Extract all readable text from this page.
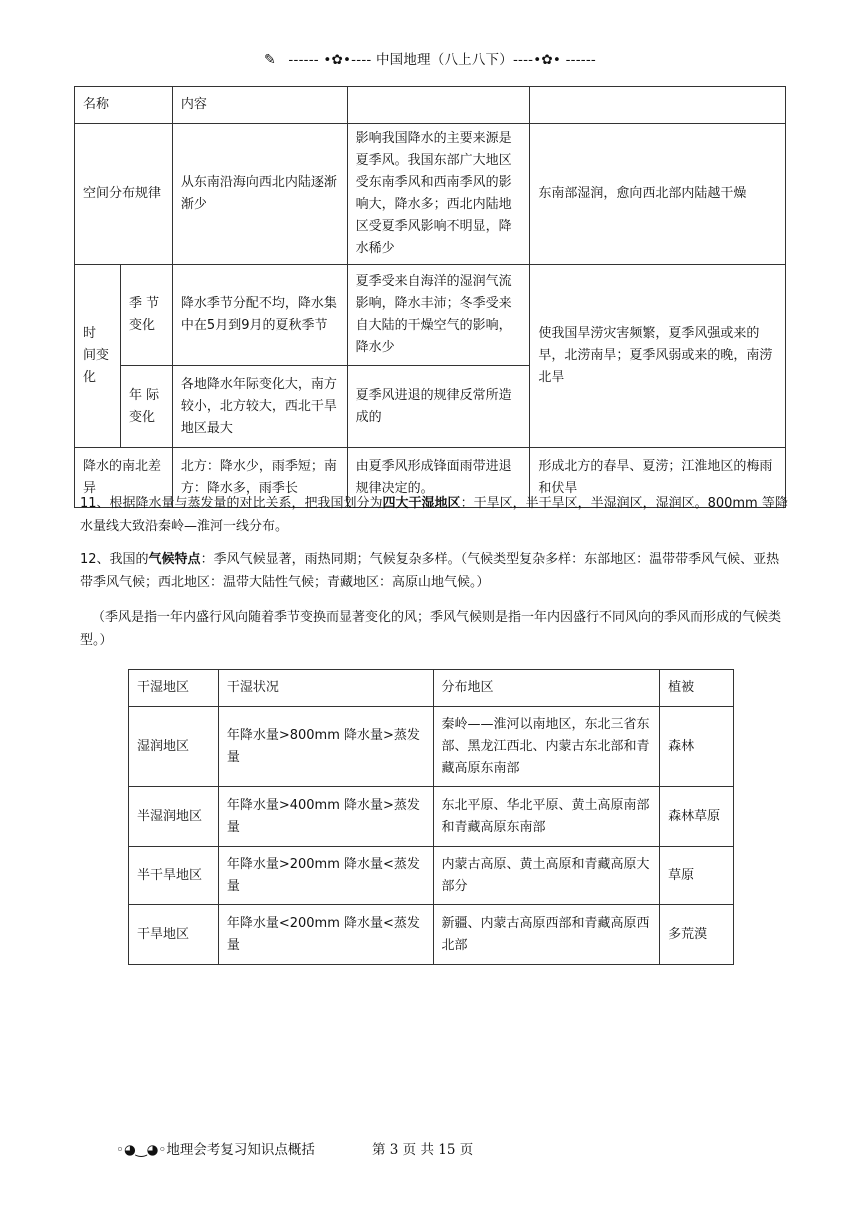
✎ ------ •✿•---- 中国地理（八上八下）----•✿• ------
名称		内容		
空间分布规律		从东南沿海向西北内陆逐渐渐少	影响我国降水的主要来源是夏季风。我国东部广大地区受东南季风和西南季风的影响大，降水多；西北内陆地区受夏季风影响不明显，降水稀少	东南部湿润，愈向西北部内陆越干燥
时 间变化	季 节变化	降水季节分配不均，降水集中在5月到9月的夏秋季节	夏季受来自海洋的湿润气流影响，降水丰沛；冬季受来自大陆的干燥空气的影响，降水少	使我国旱涝灾害频繁，夏季风强或来的早，北涝南旱；夏季风弱或来的晚，南涝北旱
	年 际变化	各地降水年际变化大，南方较小，北方较大，西北干旱地区最大	夏季风进退的规律反常所造成的	
降水的南北差异		北方：降水少，雨季短；南方：降水多，雨季长	由夏季风形成锋面雨带进退规律决定的。	形成北方的春旱、夏涝；江淮地区的梅雨和伏旱
11、根据降水量与蒸发量的对比关系，把我国划分为四大干湿地区：干旱区，半干旱区，半湿润区，湿润区。800mm 等降水量线大致沿秦岭—淮河一线分布。
12、我国的气候特点：季风气候显著，雨热同期；气候复杂多样。（气候类型复杂多样：东部地区：温带带季风气候、亚热带季风气候；西北地区：温带大陆性气候；青藏地区：高原山地气候。）
（季风是指一年内盛行风向随着季节变换而显著变化的风；季风气候则是指一年内因盛行不同风向的季风而形成的气候类型。）
干湿地区	干湿状况	分布地区	植被
湿润地区	年降水量>800mm 降水量>蒸发量	秦岭——淮河以南地区，东北三省东部、黑龙江西北、内蒙古东北部和青藏高原东南部	森林
半湿润地区	年降水量>400mm 降水量>蒸发量	东北平原、华北平原、黄土高原南部和青藏高原东南部	森林草原
半干旱地区	年降水量>200mm 降水量<蒸发量	内蒙古高原、黄土高原和青藏高原大部分	草原
干旱地区	年降水量<200mm 降水量<蒸发量	新疆、内蒙古高原西部和青藏高原西北部	多荒漠
◦◕‿◕◦地理会考复习知识点概括	第 3 页 共 15 页
